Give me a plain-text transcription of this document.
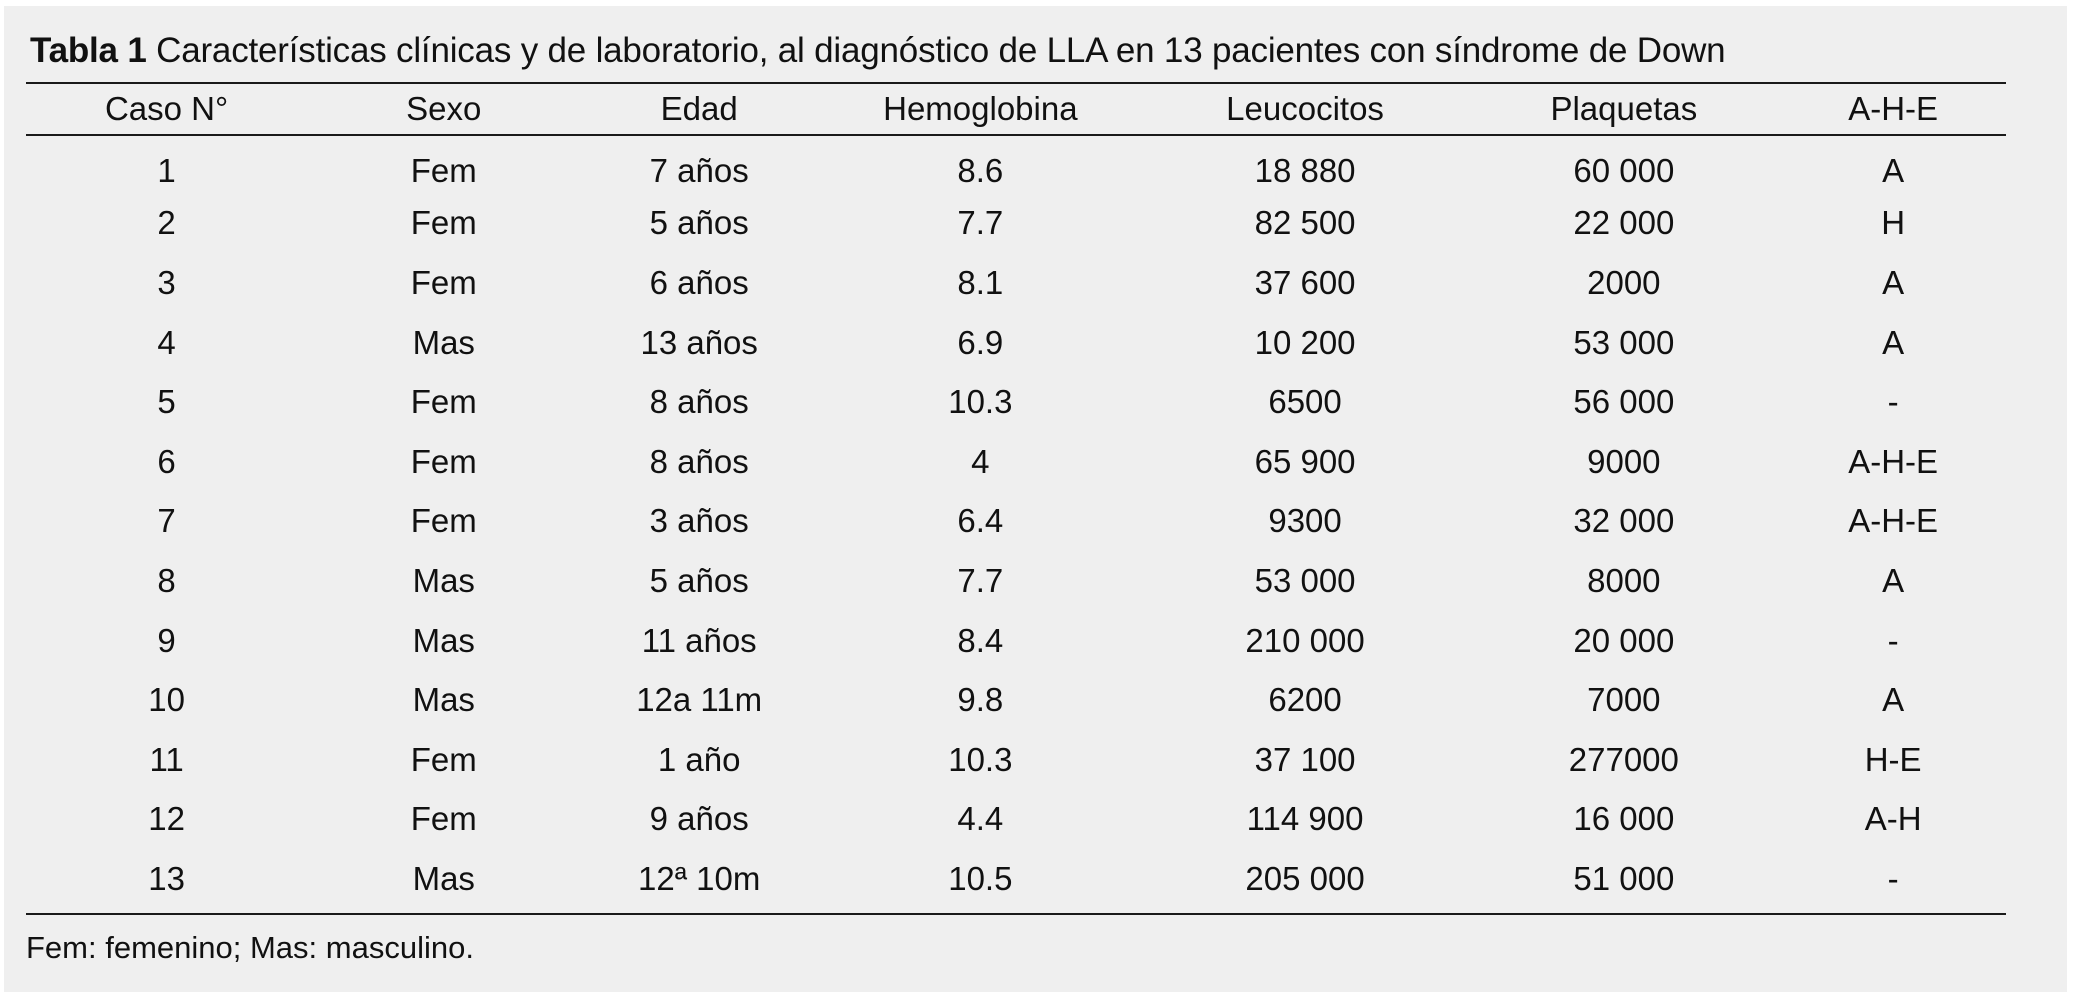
Tabla 1 Características clínicas y de laboratorio, al diagnóstico de LLA en 13 pacientes con síndrome de Down
Caso N°	Sexo	Edad	Hemoglobina	Leucocitos	Plaquetas	A-H-E
1	Fem	7 años	8.6	18 880	60 000	A
2	Fem	5 años	7.7	82 500	22 000	H
3	Fem	6 años	8.1	37 600	2000	A
4	Mas	13 años	6.9	10 200	53 000	A
5	Fem	8 años	10.3	6500	56 000	-
6	Fem	8 años	4	65 900	9000	A-H-E
7	Fem	3 años	6.4	9300	32 000	A-H-E
8	Mas	5 años	7.7	53 000	8000	A
9	Mas	11 años	8.4	210 000	20 000	-
10	Mas	12a 11m	9.8	6200	7000	A
11	Fem	1 año	10.3	37 100	277000	H-E
12	Fem	9 años	4.4	114 900	16 000	A-H
13	Mas	12ª 10m	10.5	205 000	51 000	-
Fem: femenino; Mas: masculino.
